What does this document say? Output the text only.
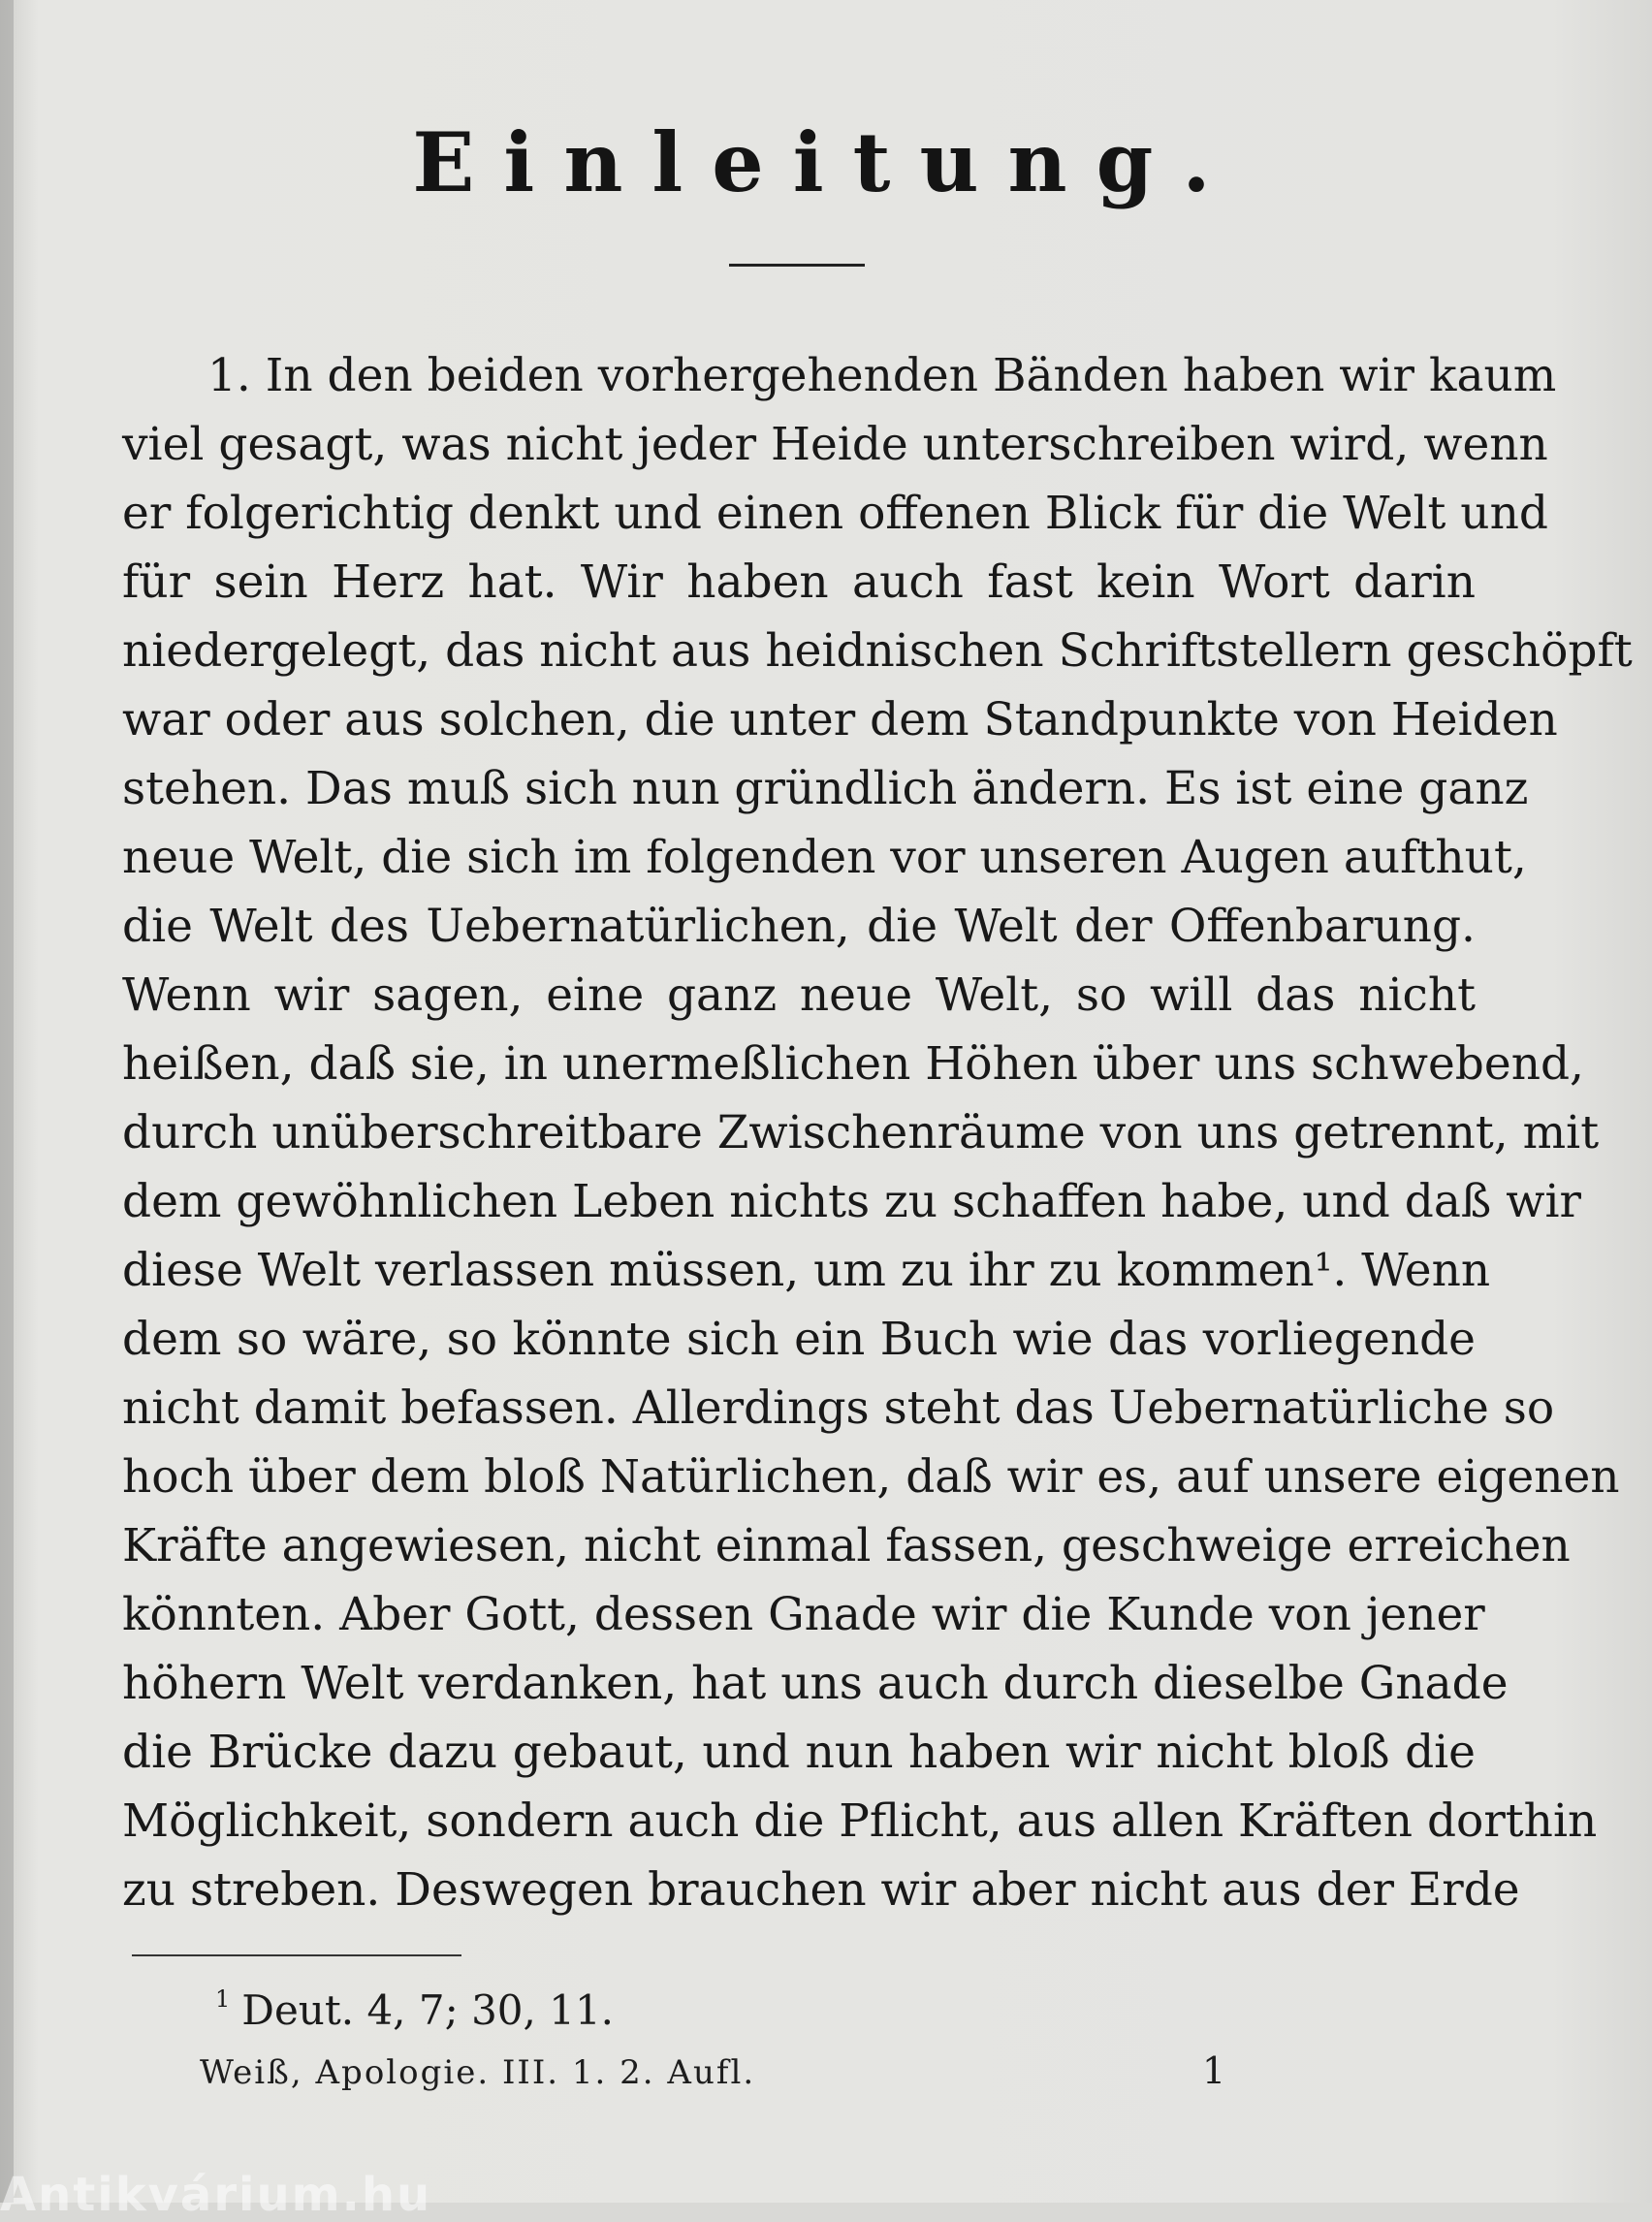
Einleitung.
1. In den beiden vorhergehenden Bänden haben wir kaum
viel gesagt, was nicht jeder Heide unterschreiben wird, wenn
er folgerichtig denkt und einen offenen Blick für die Welt und
für sein Herz hat. Wir haben auch fast kein Wort darin
niedergelegt, das nicht aus heidnischen Schriftstellern geschöpft
war oder aus solchen, die unter dem Standpunkte von Heiden
stehen. Das muß sich nun gründlich ändern. Es ist eine ganz
neue Welt, die sich im folgenden vor unseren Augen aufthut,
die Welt des Uebernatürlichen, die Welt der Offenbarung.
Wenn wir sagen, eine ganz neue Welt, so will das nicht
heißen, daß sie, in unermeßlichen Höhen über uns schwebend,
durch unüberschreitbare Zwischenräume von uns getrennt, mit
dem gewöhnlichen Leben nichts zu schaffen habe, und daß wir
diese Welt verlassen müssen, um zu ihr zu kommen¹. Wenn
dem so wäre, so könnte sich ein Buch wie das vorliegende
nicht damit befassen. Allerdings steht das Uebernatürliche so
hoch über dem bloß Natürlichen, daß wir es, auf unsere eigenen
Kräfte angewiesen, nicht einmal fassen, geschweige erreichen
könnten. Aber Gott, dessen Gnade wir die Kunde von jener
höhern Welt verdanken, hat uns auch durch dieselbe Gnade
die Brücke dazu gebaut, und nun haben wir nicht bloß die
Möglichkeit, sondern auch die Pflicht, aus allen Kräften dorthin
zu streben. Deswegen brauchen wir aber nicht aus der Erde
$^1$ Deut. 4, 7; 30, 11.
Weiß, Apologie. III. 1. 2. Aufl.	1
Antikvárium.hu
